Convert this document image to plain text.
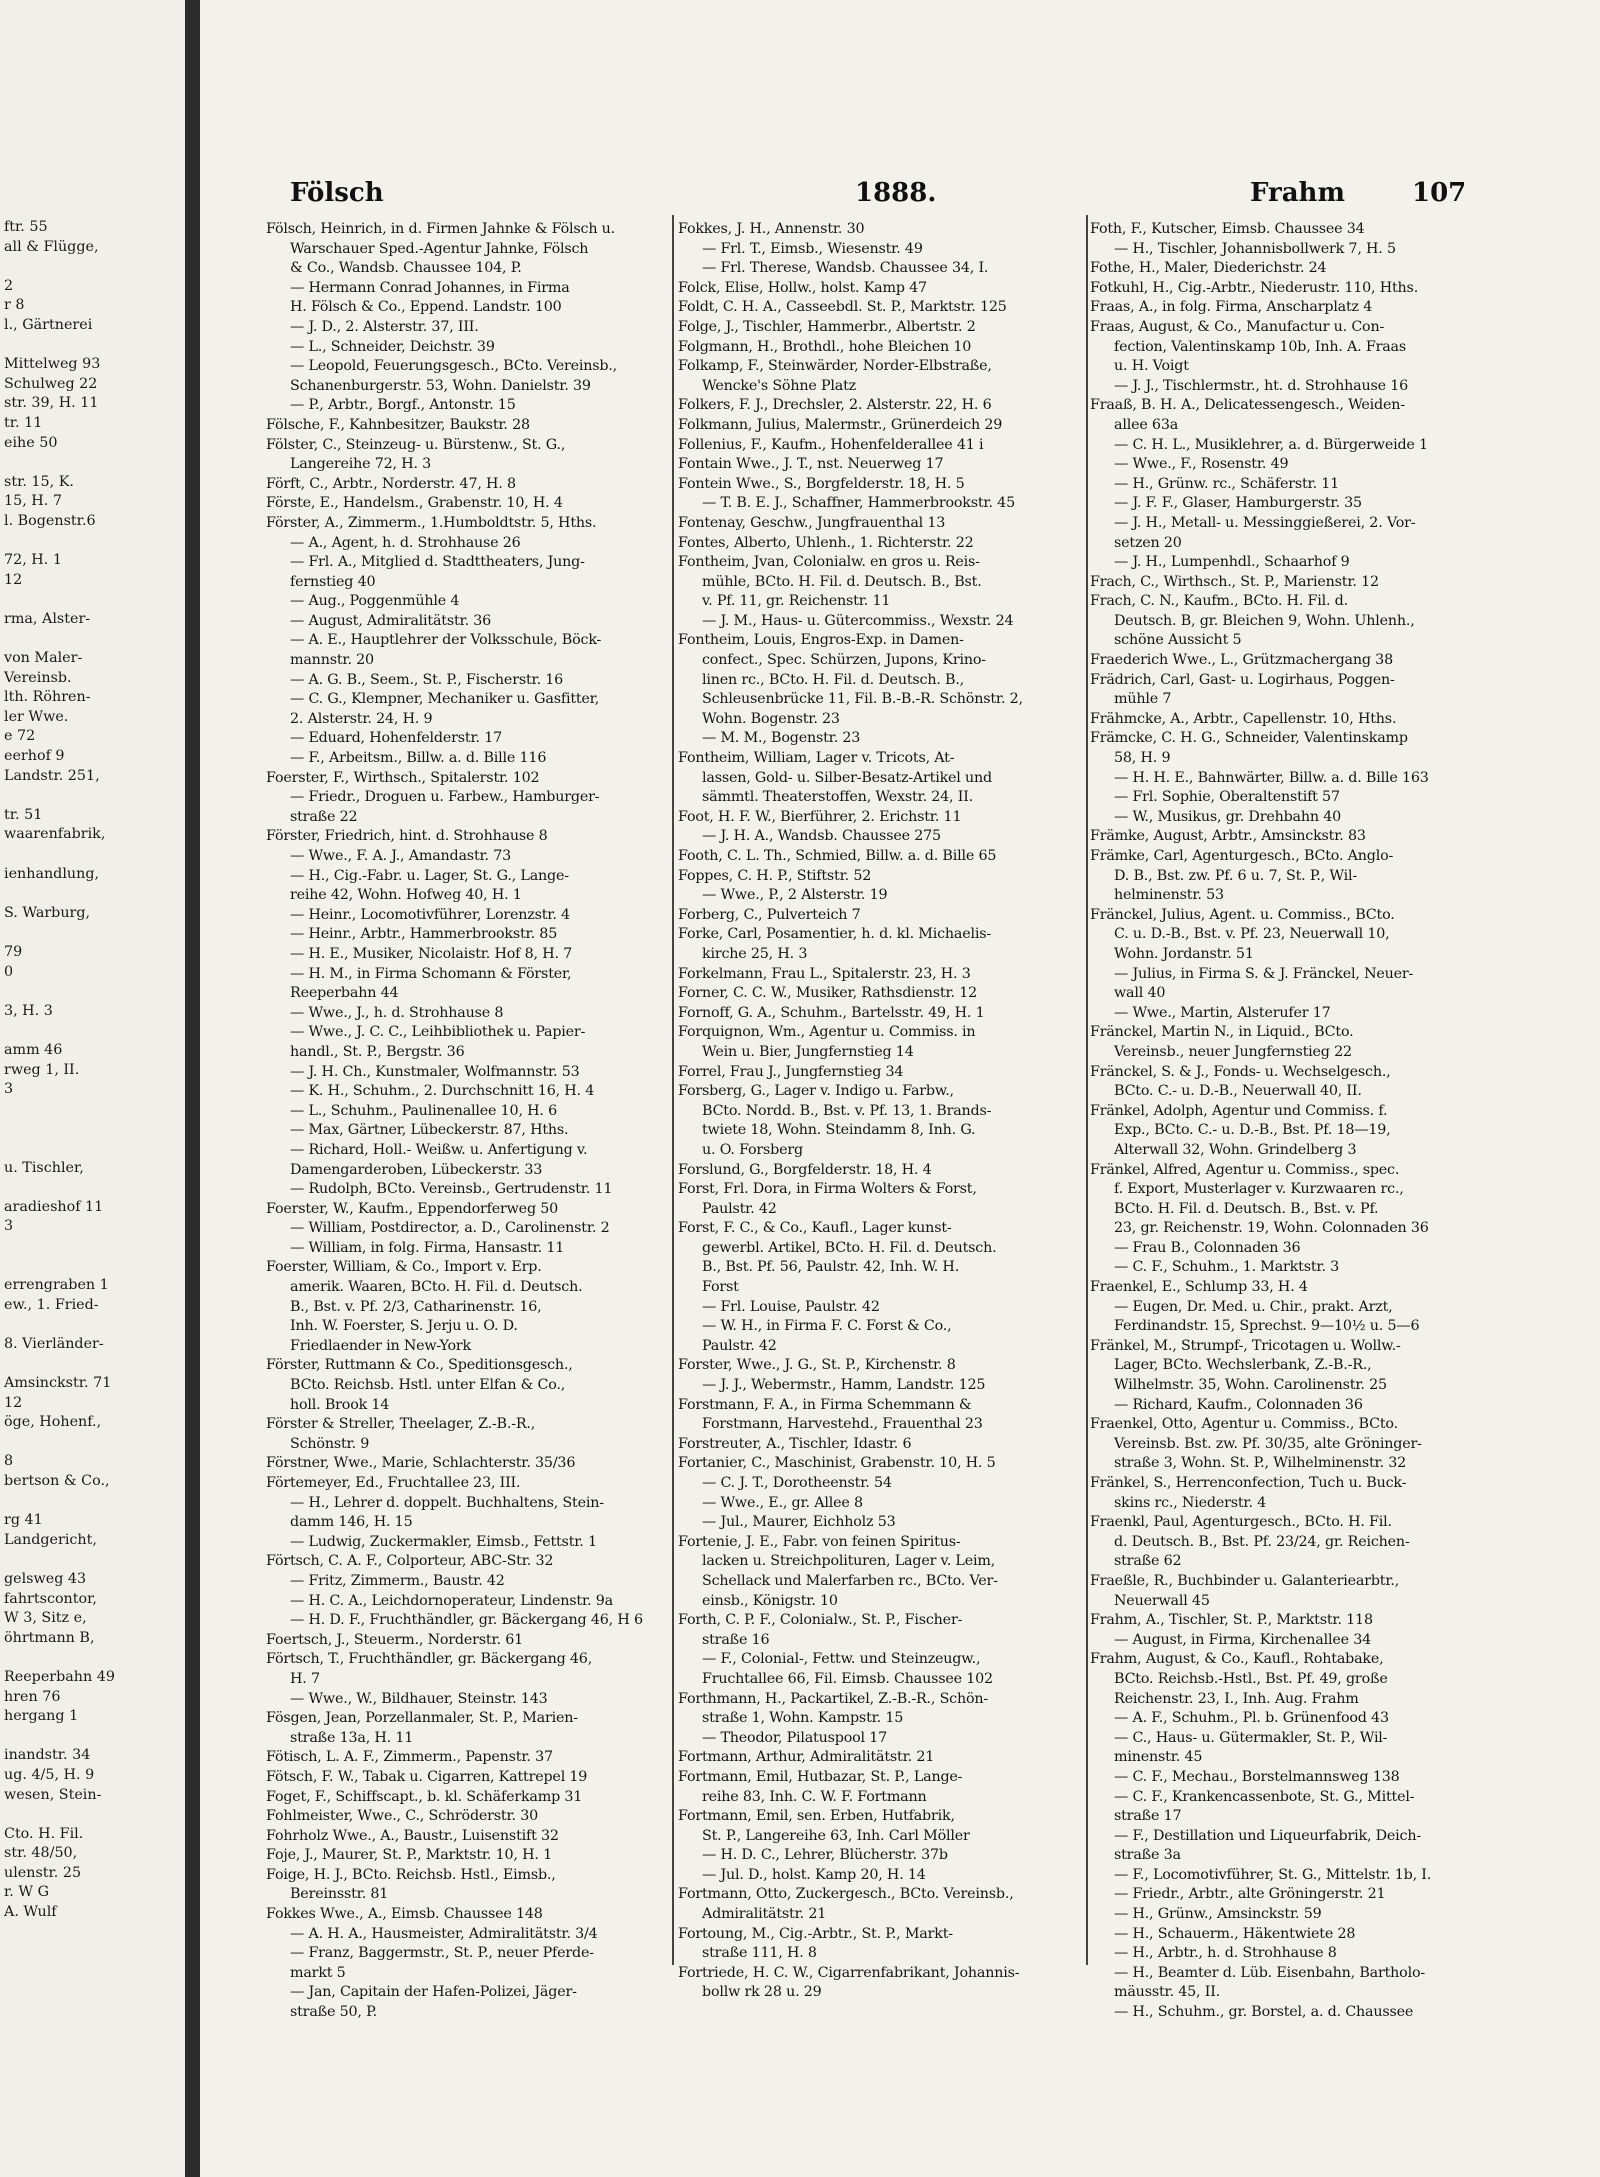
ftr. 55
all & Flügge,
2
r 8
l., Gärtnerei
Mittelweg 93
Schulweg 22
str. 39, H. 11
tr. 11
eihe 50
str. 15, K.
15, H. 7
l. Bogenstr.6
72, H. 1
12
rma, Alster-
von Maler-
Vereinsb.
lth. Röhren-
ler Wwe.
e 72
eerhof 9
Landstr. 251,
tr. 51
waarenfabrik,
ienhandlung,
S. Warburg,
79
0
3, H. 3
amm 46
rweg 1, II.
3
u. Tischler,
aradieshof 11
3
errengraben 1
ew., 1. Fried-
8. Vierländer-
Amsinckstr. 71
12
öge, Hohenf.,
8
bertson & Co.,
rg 41
Landgericht,
gelsweg 43
fahrtscontor,
W 3, Sitz e,
öhrtmann B,
Reeperbahn 49
hren 76
hergang 1
inandstr. 34
ug. 4/5, H. 9
wesen, Stein-
Cto. H. Fil.
str. 48/50,
ulenstr. 25
r. W G
A. Wulf
Fölsch	1888.	Frahm	107
Fölsch, Heinrich, in d. Firmen Jahnke & Fölsch u.
Warschauer Sped.-Agentur Jahnke, Fölsch
& Co., Wandsb. Chaussee 104, P.
— Hermann Conrad Johannes, in Firma
H. Fölsch & Co., Eppend. Landstr. 100
— J. D., 2. Alsterstr. 37, III.
— L., Schneider, Deichstr. 39
— Leopold, Feuerungsgesch., BCto. Vereinsb.,
Schanenburgerstr. 53, Wohn. Danielstr. 39
— P., Arbtr., Borgf., Antonstr. 15
Fölsche, F., Kahnbesitzer, Baukstr. 28
Fölster, C., Steinzeug- u. Bürstenw., St. G.,
Langereihe 72, H. 3
Förft, C., Arbtr., Norderstr. 47, H. 8
Förste, E., Handelsm., Grabenstr. 10, H. 4
Förster, A., Zimmerm., 1.Humboldtstr. 5, Hths.
— A., Agent, h. d. Strohhause 26
— Frl. A., Mitglied d. Stadttheaters, Jung-
fernstieg 40
— Aug., Poggenmühle 4
— August, Admiralitätstr. 36
— A. E., Hauptlehrer der Volksschule, Böck-
mannstr. 20
— A. G. B., Seem., St. P., Fischerstr. 16
— C. G., Klempner, Mechaniker u. Gasfitter,
2. Alsterstr. 24, H. 9
— Eduard, Hohenfelderstr. 17
— F., Arbeitsm., Billw. a. d. Bille 116
Foerster, F., Wirthsch., Spitalerstr. 102
— Friedr., Droguen u. Farbew., Hamburger-
straße 22
Förster, Friedrich, hint. d. Strohhause 8
— Wwe., F. A. J., Amandastr. 73
— H., Cig.-Fabr. u. Lager, St. G., Lange-
reihe 42, Wohn. Hofweg 40, H. 1
— Heinr., Locomotivführer, Lorenzstr. 4
— Heinr., Arbtr., Hammerbrookstr. 85
— H. E., Musiker, Nicolaistr. Hof 8, H. 7
— H. M., in Firma Schomann & Förster,
Reeperbahn 44
— Wwe., J., h. d. Strohhause 8
— Wwe., J. C. C., Leihbibliothek u. Papier-
handl., St. P., Bergstr. 36
— J. H. Ch., Kunstmaler, Wolfmannstr. 53
— K. H., Schuhm., 2. Durchschnitt 16, H. 4
— L., Schuhm., Paulinenallee 10, H. 6
— Max, Gärtner, Lübeckerstr. 87, Hths.
— Richard, Holl.- Weißw. u. Anfertigung v.
Damengarderoben, Lübeckerstr. 33
— Rudolph, BCto. Vereinsb., Gertrudenstr. 11
Foerster, W., Kaufm., Eppendorferweg 50
— William, Postdirector, a. D., Carolinenstr. 2
— William, in folg. Firma, Hansastr. 11
Foerster, William, & Co., Import v. Erp.
amerik. Waaren, BCto. H. Fil. d. Deutsch.
B., Bst. v. Pf. 2/3, Catharinenstr. 16,
Inh. W. Foerster, S. Jerju u. O. D.
Friedlaender in New-York
Förster, Ruttmann & Co., Speditionsgesch.,
BCto. Reichsb. Hstl. unter Elfan & Co.,
holl. Brook 14
Förster & Streller, Theelager, Z.-B.-R.,
Schönstr. 9
Förstner, Wwe., Marie, Schlachterstr. 35/36
Förtemeyer, Ed., Fruchtallee 23, III.
— H., Lehrer d. doppelt. Buchhaltens, Stein-
damm 146, H. 15
— Ludwig, Zuckermakler, Eimsb., Fettstr. 1
Förtsch, C. A. F., Colporteur, ABC-Str. 32
— Fritz, Zimmerm., Baustr. 42
— H. C. A., Leichdornoperateur, Lindenstr. 9a
— H. D. F., Fruchthändler, gr. Bäckergang 46, H 6
Foertsch, J., Steuerm., Norderstr. 61
Förtsch, T., Fruchthändler, gr. Bäckergang 46,
H. 7
— Wwe., W., Bildhauer, Steinstr. 143
Fösgen, Jean, Porzellanmaler, St. P., Marien-
straße 13a, H. 11
Fötisch, L. A. F., Zimmerm., Papenstr. 37
Fötsch, F. W., Tabak u. Cigarren, Kattrepel 19
Foget, F., Schiffscapt., b. kl. Schäferkamp 31
Fohlmeister, Wwe., C., Schröderstr. 30
Fohrholz Wwe., A., Baustr., Luisenstift 32
Foje, J., Maurer, St. P., Marktstr. 10, H. 1
Foige, H. J., BCto. Reichsb. Hstl., Eimsb.,
Bereinsstr. 81
Fokkes Wwe., A., Eimsb. Chaussee 148
— A. H. A., Hausmeister, Admiralitätstr. 3/4
— Franz, Baggermstr., St. P., neuer Pferde-
markt 5
— Jan, Capitain der Hafen-Polizei, Jäger-
straße 50, P.
Fokkes, J. H., Annenstr. 30
— Frl. T., Eimsb., Wiesenstr. 49
— Frl. Therese, Wandsb. Chaussee 34, I.
Folck, Elise, Hollw., holst. Kamp 47
Foldt, C. H. A., Casseebdl. St. P., Marktstr. 125
Folge, J., Tischler, Hammerbr., Albertstr. 2
Folgmann, H., Brothdl., hohe Bleichen 10
Folkamp, F., Steinwärder, Norder-Elbstraße,
Wencke's Söhne Platz
Folkers, F. J., Drechsler, 2. Alsterstr. 22, H. 6
Folkmann, Julius, Malermstr., Grünerdeich 29
Follenius, F., Kaufm., Hohenfelderallee 41 i
Fontain Wwe., J. T., nst. Neuerweg 17
Fontein Wwe., S., Borgfelderstr. 18, H. 5
— T. B. E. J., Schaffner, Hammerbrookstr. 45
Fontenay, Geschw., Jungfrauenthal 13
Fontes, Alberto, Uhlenh., 1. Richterstr. 22
Fontheim, Jvan, Colonialw. en gros u. Reis-
mühle, BCto. H. Fil. d. Deutsch. B., Bst.
v. Pf. 11, gr. Reichenstr. 11
— J. M., Haus- u. Gütercommiss., Wexstr. 24
Fontheim, Louis, Engros-Exp. in Damen-
confect., Spec. Schürzen, Jupons, Krino-
linen rc., BCto. H. Fil. d. Deutsch. B.,
Schleusenbrücke 11, Fil. B.-B.-R. Schönstr. 2,
Wohn. Bogenstr. 23
— M. M., Bogenstr. 23
Fontheim, William, Lager v. Tricots, At-
lassen, Gold- u. Silber-Besatz-Artikel und
sämmtl. Theaterstoffen, Wexstr. 24, II.
Foot, H. F. W., Bierführer, 2. Erichstr. 11
— J. H. A., Wandsb. Chaussee 275
Footh, C. L. Th., Schmied, Billw. a. d. Bille 65
Foppes, C. H. P., Stiftstr. 52
— Wwe., P., 2 Alsterstr. 19
Forberg, C., Pulverteich 7
Forke, Carl, Posamentier, h. d. kl. Michaelis-
kirche 25, H. 3
Forkelmann, Frau L., Spitalerstr. 23, H. 3
Forner, C. C. W., Musiker, Rathsdienstr. 12
Fornoff, G. A., Schuhm., Bartelsstr. 49, H. 1
Forquignon, Wm., Agentur u. Commiss. in
Wein u. Bier, Jungfernstieg 14
Forrel, Frau J., Jungfernstieg 34
Forsberg, G., Lager v. Indigo u. Farbw.,
BCto. Nordd. B., Bst. v. Pf. 13, 1. Brands-
twiete 18, Wohn. Steindamm 8, Inh. G.
u. O. Forsberg
Forslund, G., Borgfelderstr. 18, H. 4
Forst, Frl. Dora, in Firma Wolters & Forst,
Paulstr. 42
Forst, F. C., & Co., Kaufl., Lager kunst-
gewerbl. Artikel, BCto. H. Fil. d. Deutsch.
B., Bst. Pf. 56, Paulstr. 42, Inh. W. H.
Forst
— Frl. Louise, Paulstr. 42
— W. H., in Firma F. C. Forst & Co.,
Paulstr. 42
Forster, Wwe., J. G., St. P., Kirchenstr. 8
— J. J., Webermstr., Hamm, Landstr. 125
Forstmann, F. A., in Firma Schemmann &
Forstmann, Harvestehd., Frauenthal 23
Forstreuter, A., Tischler, Idastr. 6
Fortanier, C., Maschinist, Grabenstr. 10, H. 5
— C. J. T., Dorotheenstr. 54
— Wwe., E., gr. Allee 8
— Jul., Maurer, Eichholz 53
Fortenie, J. E., Fabr. von feinen Spiritus-
lacken u. Streichpolituren, Lager v. Leim,
Schellack und Malerfarben rc., BCto. Ver-
einsb., Königstr. 10
Forth, C. P. F., Colonialw., St. P., Fischer-
straße 16
— F., Colonial-, Fettw. und Steinzeugw.,
Fruchtallee 66, Fil. Eimsb. Chaussee 102
Forthmann, H., Packartikel, Z.-B.-R., Schön-
straße 1, Wohn. Kampstr. 15
— Theodor, Pilatuspool 17
Fortmann, Arthur, Admiralitätstr. 21
Fortmann, Emil, Hutbazar, St. P., Lange-
reihe 83, Inh. C. W. F. Fortmann
Fortmann, Emil, sen. Erben, Hutfabrik,
St. P., Langereihe 63, Inh. Carl Möller
— H. D. C., Lehrer, Blücherstr. 37b
— Jul. D., holst. Kamp 20, H. 14
Fortmann, Otto, Zuckergesch., BCto. Vereinsb.,
Admiralitätstr. 21
Fortoung, M., Cig.-Arbtr., St. P., Markt-
straße 111, H. 8
Fortriede, H. C. W., Cigarrenfabrikant, Johannis-
bollw rk 28 u. 29
Foth, F., Kutscher, Eimsb. Chaussee 34
— H., Tischler, Johannisbollwerk 7, H. 5
Fothe, H., Maler, Diederichstr. 24
Fotkuhl, H., Cig.-Arbtr., Niederustr. 110, Hths.
Fraas, A., in folg. Firma, Anscharplatz 4
Fraas, August, & Co., Manufactur u. Con-
fection, Valentinskamp 10b, Inh. A. Fraas
u. H. Voigt
— J. J., Tischlermstr., ht. d. Strohhause 16
Fraaß, B. H. A., Delicatessengesch., Weiden-
allee 63a
— C. H. L., Musiklehrer, a. d. Bürgerweide 1
— Wwe., F., Rosenstr. 49
— H., Grünw. rc., Schäferstr. 11
— J. F. F., Glaser, Hamburgerstr. 35
— J. H., Metall- u. Messinggießerei, 2. Vor-
setzen 20
— J. H., Lumpenhdl., Schaarhof 9
Frach, C., Wirthsch., St. P., Marienstr. 12
Frach, C. N., Kaufm., BCto. H. Fil. d.
Deutsch. B, gr. Bleichen 9, Wohn. Uhlenh.,
schöne Aussicht 5
Fraederich Wwe., L., Grützmachergang 38
Frädrich, Carl, Gast- u. Logirhaus, Poggen-
mühle 7
Frähmcke, A., Arbtr., Capellenstr. 10, Hths.
Främcke, C. H. G., Schneider, Valentinskamp
58, H. 9
— H. H. E., Bahnwärter, Billw. a. d. Bille 163
— Frl. Sophie, Oberaltenstift 57
— W., Musikus, gr. Drehbahn 40
Främke, August, Arbtr., Amsinckstr. 83
Främke, Carl, Agenturgesch., BCto. Anglo-
D. B., Bst. zw. Pf. 6 u. 7, St. P., Wil-
helminenstr. 53
Fränckel, Julius, Agent. u. Commiss., BCto.
C. u. D.-B., Bst. v. Pf. 23, Neuerwall 10,
Wohn. Jordanstr. 51
— Julius, in Firma S. & J. Fränckel, Neuer-
wall 40
— Wwe., Martin, Alsterufer 17
Fränckel, Martin N., in Liquid., BCto.
Vereinsb., neuer Jungfernstieg 22
Fränckel, S. & J., Fonds- u. Wechselgesch.,
BCto. C.- u. D.-B., Neuerwall 40, II.
Fränkel, Adolph, Agentur und Commiss. f.
Exp., BCto. C.- u. D.-B., Bst. Pf. 18—19,
Alterwall 32, Wohn. Grindelberg 3
Fränkel, Alfred, Agentur u. Commiss., spec.
f. Export, Musterlager v. Kurzwaaren rc.,
BCto. H. Fil. d. Deutsch. B., Bst. v. Pf.
23, gr. Reichenstr. 19, Wohn. Colonnaden 36
— Frau B., Colonnaden 36
— C. F., Schuhm., 1. Marktstr. 3
Fraenkel, E., Schlump 33, H. 4
— Eugen, Dr. Med. u. Chir., prakt. Arzt,
Ferdinandstr. 15, Sprechst. 9—10½ u. 5—6
Fränkel, M., Strumpf-, Tricotagen u. Wollw.-
Lager, BCto. Wechslerbank, Z.-B.-R.,
Wilhelmstr. 35, Wohn. Carolinenstr. 25
— Richard, Kaufm., Colonnaden 36
Fraenkel, Otto, Agentur u. Commiss., BCto.
Vereinsb. Bst. zw. Pf. 30/35, alte Gröninger-
straße 3, Wohn. St. P., Wilhelminenstr. 32
Fränkel, S., Herrenconfection, Tuch u. Buck-
skins rc., Niederstr. 4
Fraenkl, Paul, Agenturgesch., BCto. H. Fil.
d. Deutsch. B., Bst. Pf. 23/24, gr. Reichen-
straße 62
Fraeßle, R., Buchbinder u. Galanteriearbtr.,
Neuerwall 45
Frahm, A., Tischler, St. P., Marktstr. 118
— August, in Firma, Kirchenallee 34
Frahm, August, & Co., Kaufl., Rohtabake,
BCto. Reichsb.-Hstl., Bst. Pf. 49, große
Reichenstr. 23, I., Inh. Aug. Frahm
— A. F., Schuhm., Pl. b. Grünenfood 43
— C., Haus- u. Gütermakler, St. P., Wil-
minenstr. 45
— C. F., Mechau., Borstelmannsweg 138
— C. F., Krankencassenbote, St. G., Mittel-
straße 17
— F., Destillation und Liqueurfabrik, Deich-
straße 3a
— F., Locomotivführer, St. G., Mittelstr. 1b, I.
— Friedr., Arbtr., alte Gröningerstr. 21
— H., Grünw., Amsinckstr. 59
— H., Schauerm., Häkentwiete 28
— H., Arbtr., h. d. Strohhause 8
— H., Beamter d. Lüb. Eisenbahn, Bartholo-
mäusstr. 45, II.
— H., Schuhm., gr. Borstel, a. d. Chaussee
